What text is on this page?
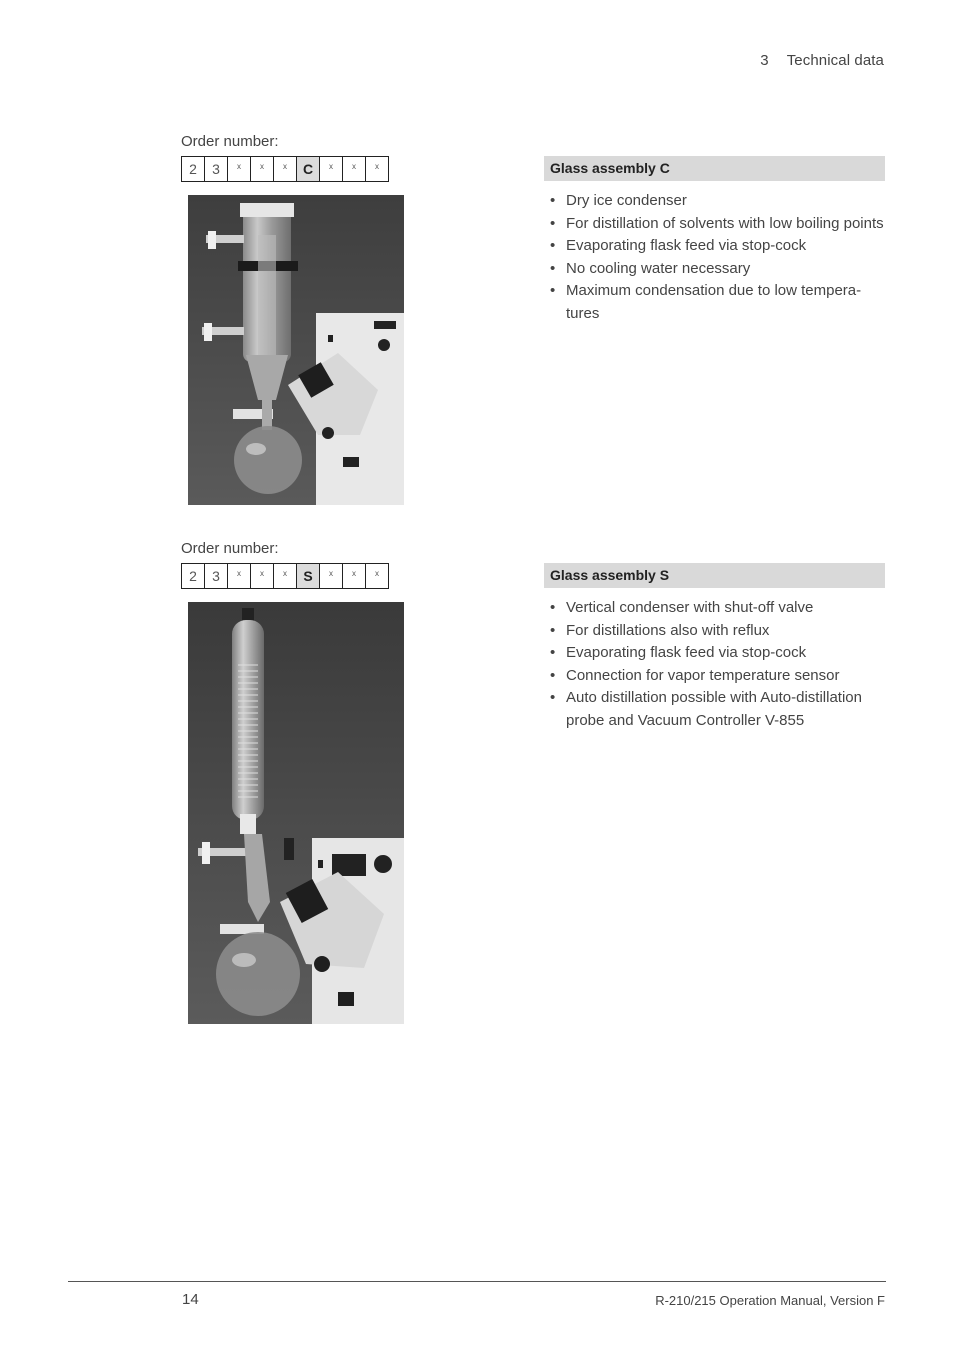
3 Technical data
Order number:
2	3	x	x	x	C	x	x	x	Glass assembly C
• Dry ice condenser
• For distillation of solvents with low boiling points
• Evaporating flask feed via stop-cock
• No cooling water necessary
• Maximum condensation due to low tempera-tures
Order number:
2	3	x	x	x	S	x	x	x	Glass assembly S
• Vertical condenser with shut-off valve
• For distillations also with reflux
• Evaporating flask feed via stop-cock
• Connection for vapor temperature sensor
• Auto distillation possible with Auto-distillation probe and Vacuum Controller V-855
14	R-210/215 Operation Manual, Version F
